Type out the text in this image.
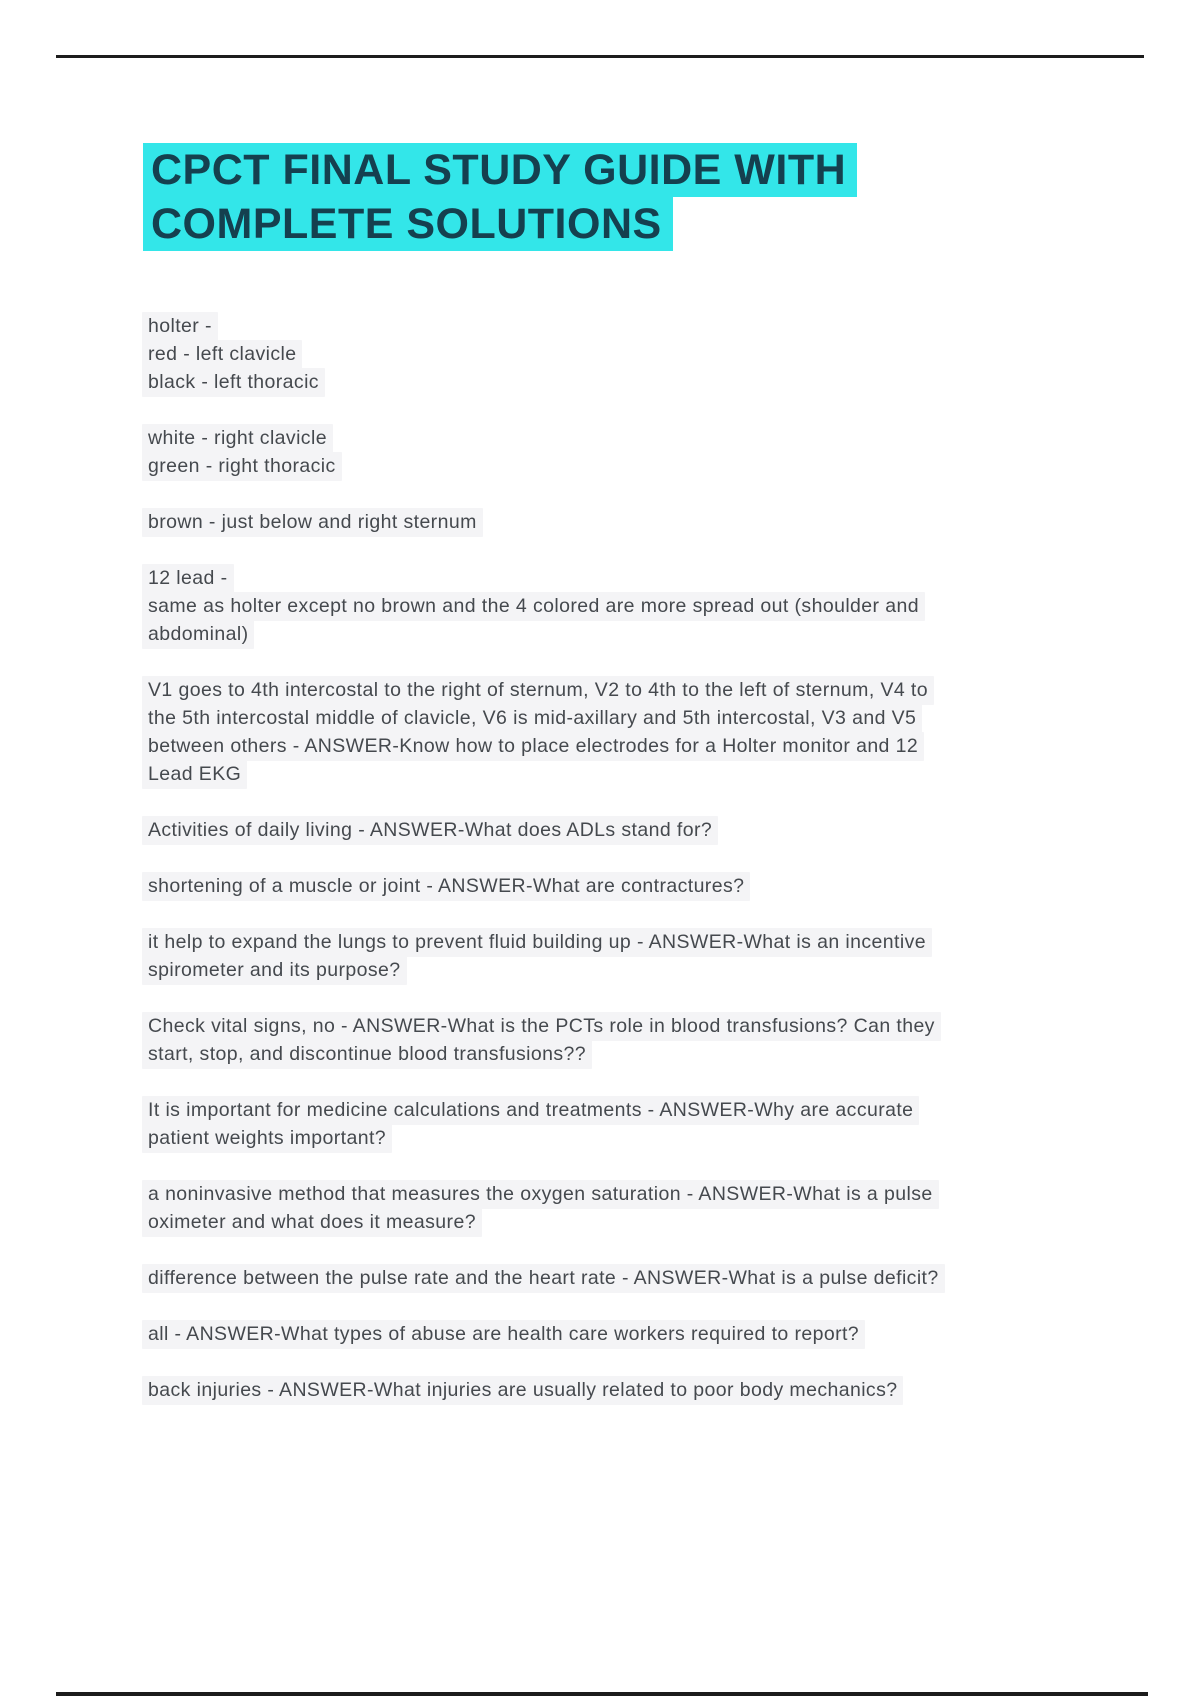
CPCT FINAL STUDY GUIDE WITH
COMPLETE SOLUTIONS
holter -
red - left clavicle
black - left thoracic
white - right clavicle
green - right thoracic
brown - just below and right sternum
12 lead -
same as holter except no brown and the 4 colored are more spread out (shoulder and
abdominal)
V1 goes to 4th intercostal to the right of sternum, V2 to 4th to the left of sternum, V4 to
the 5th intercostal middle of clavicle, V6 is mid-axillary and 5th intercostal, V3 and V5
between others - ANSWER-Know how to place electrodes for a Holter monitor and 12
Lead EKG
Activities of daily living - ANSWER-What does ADLs stand for?
shortening of a muscle or joint - ANSWER-What are contractures?
it help to expand the lungs to prevent fluid building up - ANSWER-What is an incentive
spirometer and its purpose?
Check vital signs, no - ANSWER-What is the PCTs role in blood transfusions? Can they
start, stop, and discontinue blood transfusions??
It is important for medicine calculations and treatments - ANSWER-Why are accurate
patient weights important?
a noninvasive method that measures the oxygen saturation - ANSWER-What is a pulse
oximeter and what does it measure?
difference between the pulse rate and the heart rate - ANSWER-What is a pulse deficit?
all - ANSWER-What types of abuse are health care workers required to report?
back injuries - ANSWER-What injuries are usually related to poor body mechanics?
